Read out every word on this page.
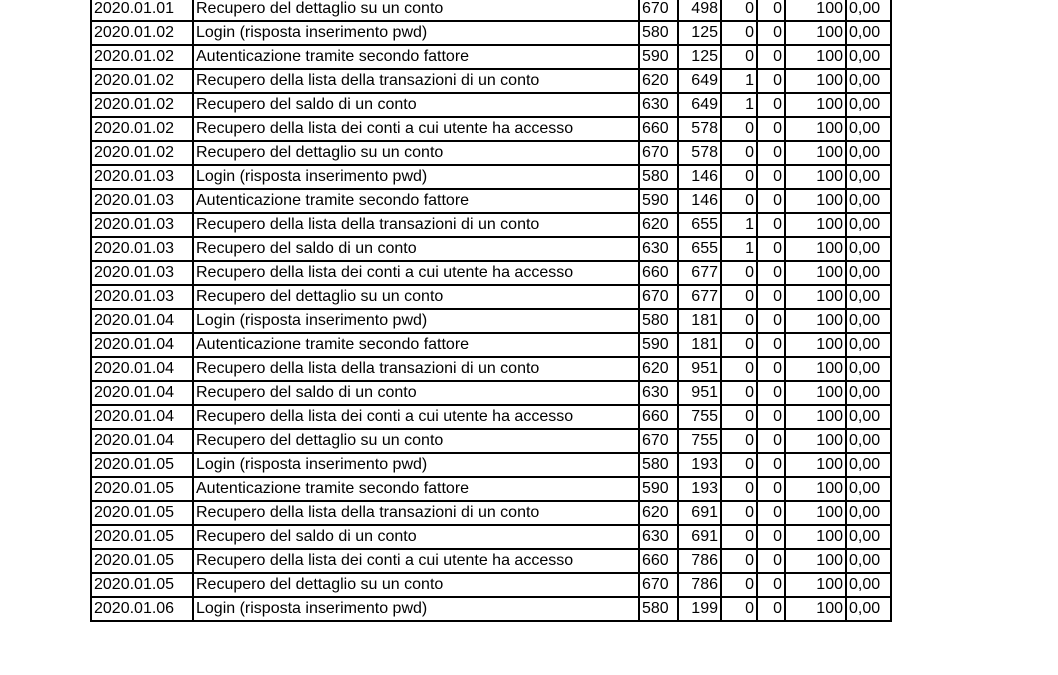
2020.01.01	Recupero del dettaglio su un conto	670	498	0	0	100	0,00
2020.01.02	Login (risposta inserimento pwd)	580	125	0	0	100	0,00
2020.01.02	Autenticazione tramite secondo fattore	590	125	0	0	100	0,00
2020.01.02	Recupero della lista della transazioni di un conto	620	649	1	0	100	0,00
2020.01.02	Recupero del saldo di un conto	630	649	1	0	100	0,00
2020.01.02	Recupero della lista dei conti a cui utente ha accesso	660	578	0	0	100	0,00
2020.01.02	Recupero del dettaglio su un conto	670	578	0	0	100	0,00
2020.01.03	Login (risposta inserimento pwd)	580	146	0	0	100	0,00
2020.01.03	Autenticazione tramite secondo fattore	590	146	0	0	100	0,00
2020.01.03	Recupero della lista della transazioni di un conto	620	655	1	0	100	0,00
2020.01.03	Recupero del saldo di un conto	630	655	1	0	100	0,00
2020.01.03	Recupero della lista dei conti a cui utente ha accesso	660	677	0	0	100	0,00
2020.01.03	Recupero del dettaglio su un conto	670	677	0	0	100	0,00
2020.01.04	Login (risposta inserimento pwd)	580	181	0	0	100	0,00
2020.01.04	Autenticazione tramite secondo fattore	590	181	0	0	100	0,00
2020.01.04	Recupero della lista della transazioni di un conto	620	951	0	0	100	0,00
2020.01.04	Recupero del saldo di un conto	630	951	0	0	100	0,00
2020.01.04	Recupero della lista dei conti a cui utente ha accesso	660	755	0	0	100	0,00
2020.01.04	Recupero del dettaglio su un conto	670	755	0	0	100	0,00
2020.01.05	Login (risposta inserimento pwd)	580	193	0	0	100	0,00
2020.01.05	Autenticazione tramite secondo fattore	590	193	0	0	100	0,00
2020.01.05	Recupero della lista della transazioni di un conto	620	691	0	0	100	0,00
2020.01.05	Recupero del saldo di un conto	630	691	0	0	100	0,00
2020.01.05	Recupero della lista dei conti a cui utente ha accesso	660	786	0	0	100	0,00
2020.01.05	Recupero del dettaglio su un conto	670	786	0	0	100	0,00
2020.01.06	Login (risposta inserimento pwd)	580	199	0	0	100	0,00
